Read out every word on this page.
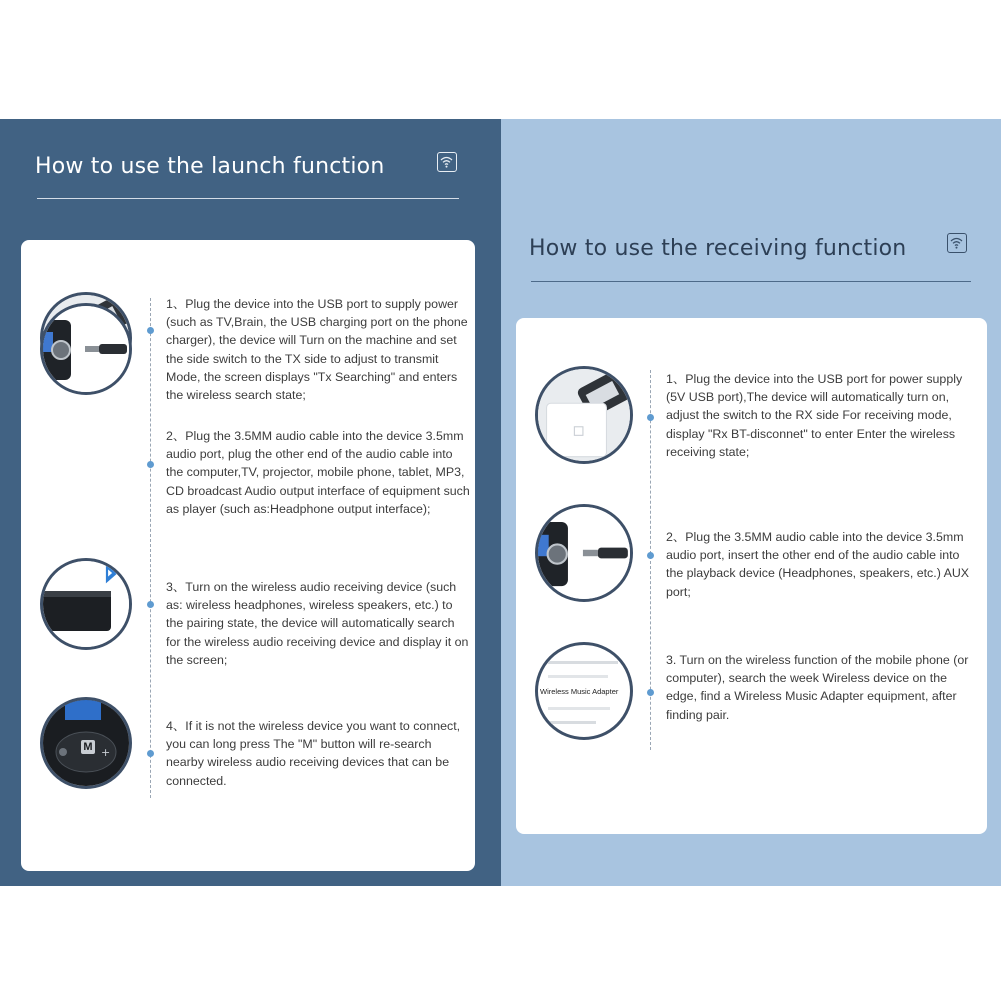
How to use the launch function
1、Plug the device into the USB port to supply power (such as TV,Brain, the USB charging port on the phone charger), the device will Turn on the machine and set the side switch to the TX side to adjust to transmit Mode, the screen displays "Tx Searching" and enters the wireless search state;
2、Plug the 3.5MM audio cable into the device 3.5mm audio port, plug the other end of the audio cable into the computer,TV, projector, mobile phone, tablet, MP3, CD broadcast Audio output interface of equipment such as player (such as:Headphone output interface);
3、Turn on the wireless audio receiving device (such as: wireless headphones, wireless speakers, etc.) to the pairing state, the device will automatically search for the wireless audio receiving device and display it on the screen;
+
M
4、If it is not the wireless device you want to connect, you can long press The "M" button will re-search nearby wireless audio receiving devices that can be connected.
How to use the receiving function
1、Plug the device into the USB port for power supply (5V USB port),The device will automatically turn on, adjust the switch to the RX side For receiving mode, display "Rx BT-disconnet" to enter Enter the wireless receiving state;
2、Plug the 3.5MM audio cable into the device 3.5mm audio port, insert the other end of the audio cable into the playback device (Headphones, speakers, etc.) AUX port;
Wireless Music Adapter
3. Turn on the wireless function of the mobile phone (or computer), search the week Wireless device on the edge, find a Wireless Music Adapter equipment, after finding pair.
